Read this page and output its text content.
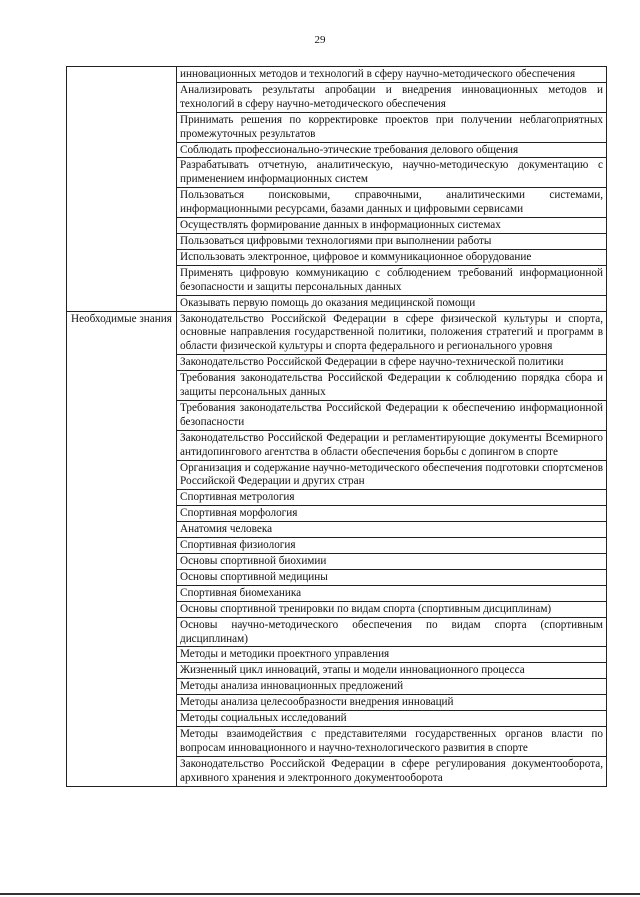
29
	инновационных методов и технологий в сферу научно-методического обеспечения
	Анализировать результаты апробации и внедрения инновационных методов и технологий в сферу научно-методического обеспечения
	Принимать решения по корректировке проектов при получении неблагоприятных промежуточных результатов
	Соблюдать профессионально-этические требования делового общения
	Разрабатывать отчетную, аналитическую, научно-методическую документацию с применением информационных систем
	Пользоваться поисковыми, справочными, аналитическими системами, информационными ресурсами, базами данных и цифровыми сервисами
	Осуществлять формирование данных в информационных системах
	Пользоваться цифровыми технологиями при выполнении работы
	Использовать электронное, цифровое и коммуникационное оборудование
	Применять цифровую коммуникацию с соблюдением требований информационной безопасности и защиты персональных данных
	Оказывать первую помощь до оказания медицинской помощи
Необходимые знания	Законодательство Российской Федерации в сфере физической культуры и спорта, основные направления государственной политики, положения стратегий и программ в области физической культуры и спорта федерального и регионального уровня
	Законодательство Российской Федерации в сфере научно-технической политики
	Требования законодательства Российской Федерации к соблюдению порядка сбора и защиты персональных данных
	Требования законодательства Российской Федерации к обеспечению информационной безопасности
	Законодательство Российской Федерации и регламентирующие документы Всемирного антидопингового агентства в области обеспечения борьбы с допингом в спорте
	Организация и содержание научно-методического обеспечения подготовки спортсменов Российской Федерации и других стран
	Спортивная метрология
	Спортивная морфология
	Анатомия человека
	Спортивная физиология
	Основы спортивной биохимии
	Основы спортивной медицины
	Спортивная биомеханика
	Основы спортивной тренировки по видам спорта (спортивным дисциплинам)
	Основы научно-методического обеспечения по видам спорта (спортивным дисциплинам)
	Методы и методики проектного управления
	Жизненный цикл инноваций, этапы и модели инновационного процесса
	Методы анализа инновационных предложений
	Методы анализа целесообразности внедрения инноваций
	Методы социальных исследований
	Методы взаимодействия с представителями государственных органов власти по вопросам инновационного и научно-технологического развития в спорте
	Законодательство Российской Федерации в сфере регулирования документооборота, архивного хранения и электронного документооборота
